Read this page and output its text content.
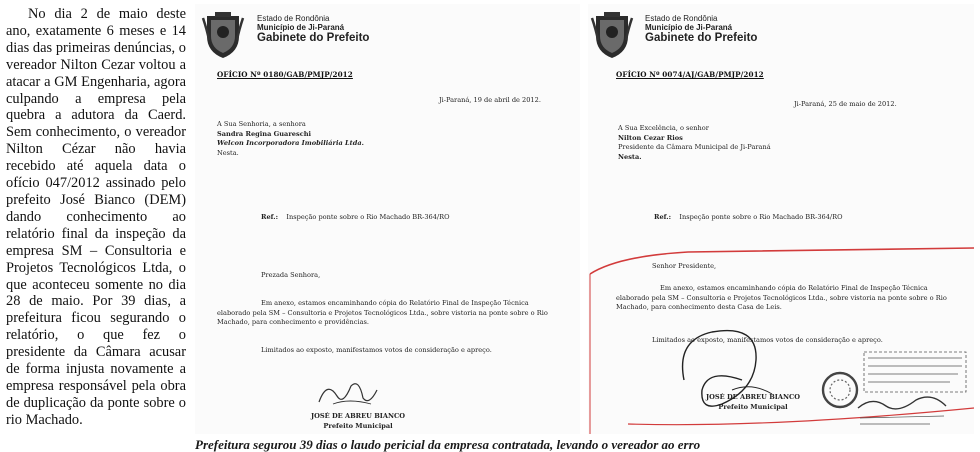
No dia 2 de maio deste ano, exatamente 6 meses e 14 dias das primeiras denúncias, o vereador Nilton Cezar voltou a atacar a GM Engenharia, agora culpando a empresa pela quebra a adutora da Caerd. Sem conhecimento, o vereador Nilton Cézar não havia recebido até aquela data o ofício 047/2012 assinado pelo prefeito José Bianco (DEM) dando conhecimento ao relatório final da inspeção da empresa SM – Consultoria e Projetos Tecnológicos Ltda, o que aconteceu somente no dia 28 de maio. Por 39 dias, a prefeitura ficou segurando o relatório, o que fez o presidente da Câmara acusar de forma injusta novamente a empresa responsável pela obra de duplicação da ponte sobre o rio Machado.

Estado de Rondônia
Município de Ji-Paraná
Gabinete do Prefeito
OFÍCIO Nº 0180/GAB/PMJP/2012
Ji-Paraná, 19 de abril de 2012.
A Sua Senhoria, a senhora
Sandra Regina Guareschi
Welcon Incorporadora Imobiliária Ltda.
Nesta.
Ref.: Inspeção ponte sobre o Rio Machado BR-364/RO
Prezada Senhora,
Em anexo, estamos encaminhando cópia do Relatório Final de Inspeção Técnica elaborado pela SM – Consultoria e Projetos Tecnológicos Ltda., sobre vistoria na ponte sobre o Rio Machado, para conhecimento e providências.
Limitados ao exposto, manifestamos votos de consideração e apreço.
JOSÉ DE ABREU BIANCO
Prefeito Municipal
Estado de Rondônia
Município de Ji-Paraná
Gabinete do Prefeito
OFÍCIO Nº 0074/AJ/GAB/PMJP/2012
Ji-Paraná, 25 de maio de 2012.
A Sua Excelência, o senhor
Nilton Cezar Rios
Presidente da Câmara Municipal de Ji-Paraná
Nesta.
Ref.: Inspeção ponte sobre o Rio Machado BR-364/RO
Senhor Presidente,
Em anexo, estamos encaminhando cópia do Relatório Final de Inspeção Técnica elaborado pela SM – Consultoria e Projetos Tecnológicos Ltda., sobre vistoria na ponte sobre o Rio Machado, para conhecimento desta Casa de Leis.
Limitados ao exposto, manifestamos votos de consideração e apreço.
JOSÉ DE ABREU BIANCO
Prefeito Municipal
Prefeitura segurou 39 dias o laudo pericial da empresa contratada, levando o vereador ao erro
